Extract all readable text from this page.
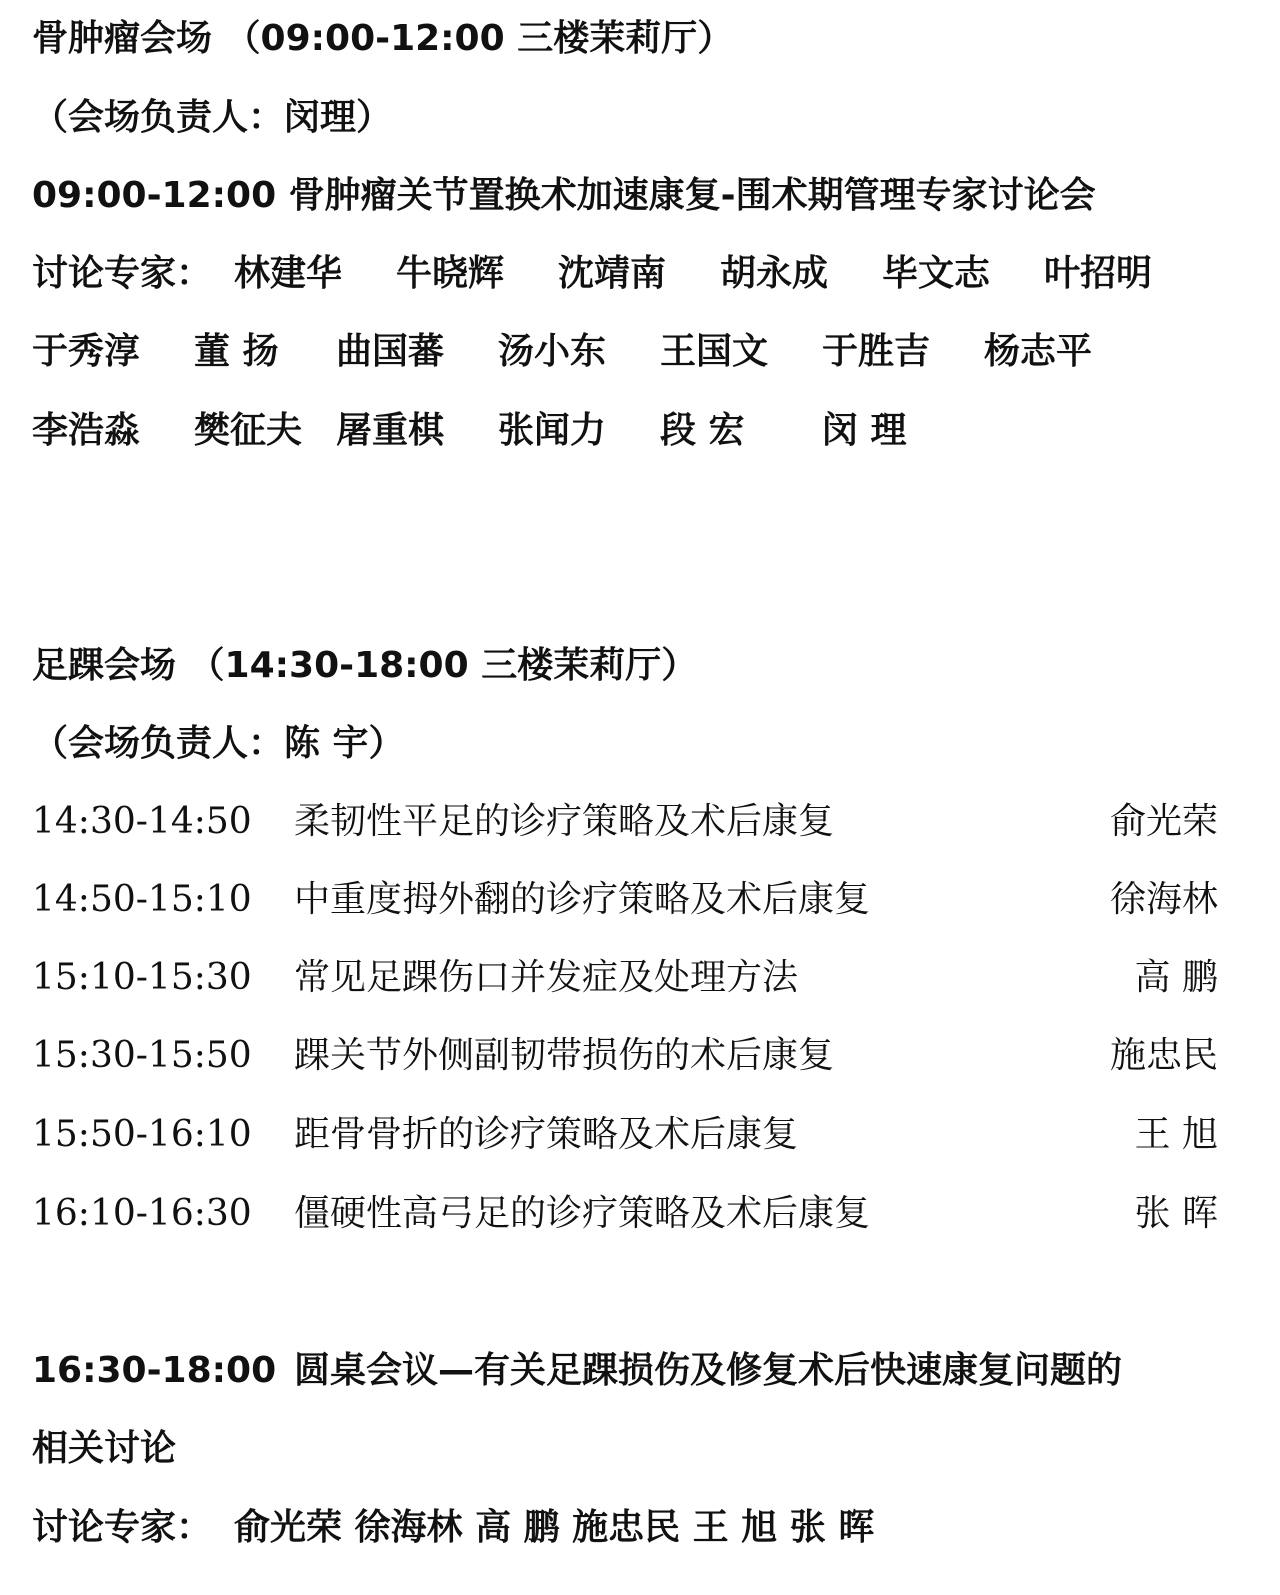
骨肿瘤会场 （09:00-12:00 三楼茉莉厅）
（会场负责人：闵理）
09:00-12:00 骨肿瘤关节置换术加速康复-围术期管理专家讨论会
讨论专家： 林建华 牛晓辉 沈靖南 胡永成 毕文志 叶招明
于秀淳 董 扬 曲国蕃 汤小东 王国文 于胜吉 杨志平
李浩淼 樊征夫 屠重棋 张闻力 段 宏 闵 理
足踝会场 （14:30-18:00 三楼茉莉厅）
（会场负责人：陈 宇）
14:30-14:50 柔韧性平足的诊疗策略及术后康复	俞光荣
14:50-15:10 中重度拇外翻的诊疗策略及术后康复	徐海林
15:10-15:30 常见足踝伤口并发症及处理方法	高 鹏
15:30-15:50 踝关节外侧副韧带损伤的术后康复	施忠民
15:50-16:10 距骨骨折的诊疗策略及术后康复	王 旭
16:10-16:30 僵硬性高弓足的诊疗策略及术后康复	张 晖
16:30-18:00 圆桌会议—有关足踝损伤及修复术后快速康复问题的
相关讨论
讨论专家： 俞光荣 徐海林 高 鹏 施忠民 王 旭 张 晖
